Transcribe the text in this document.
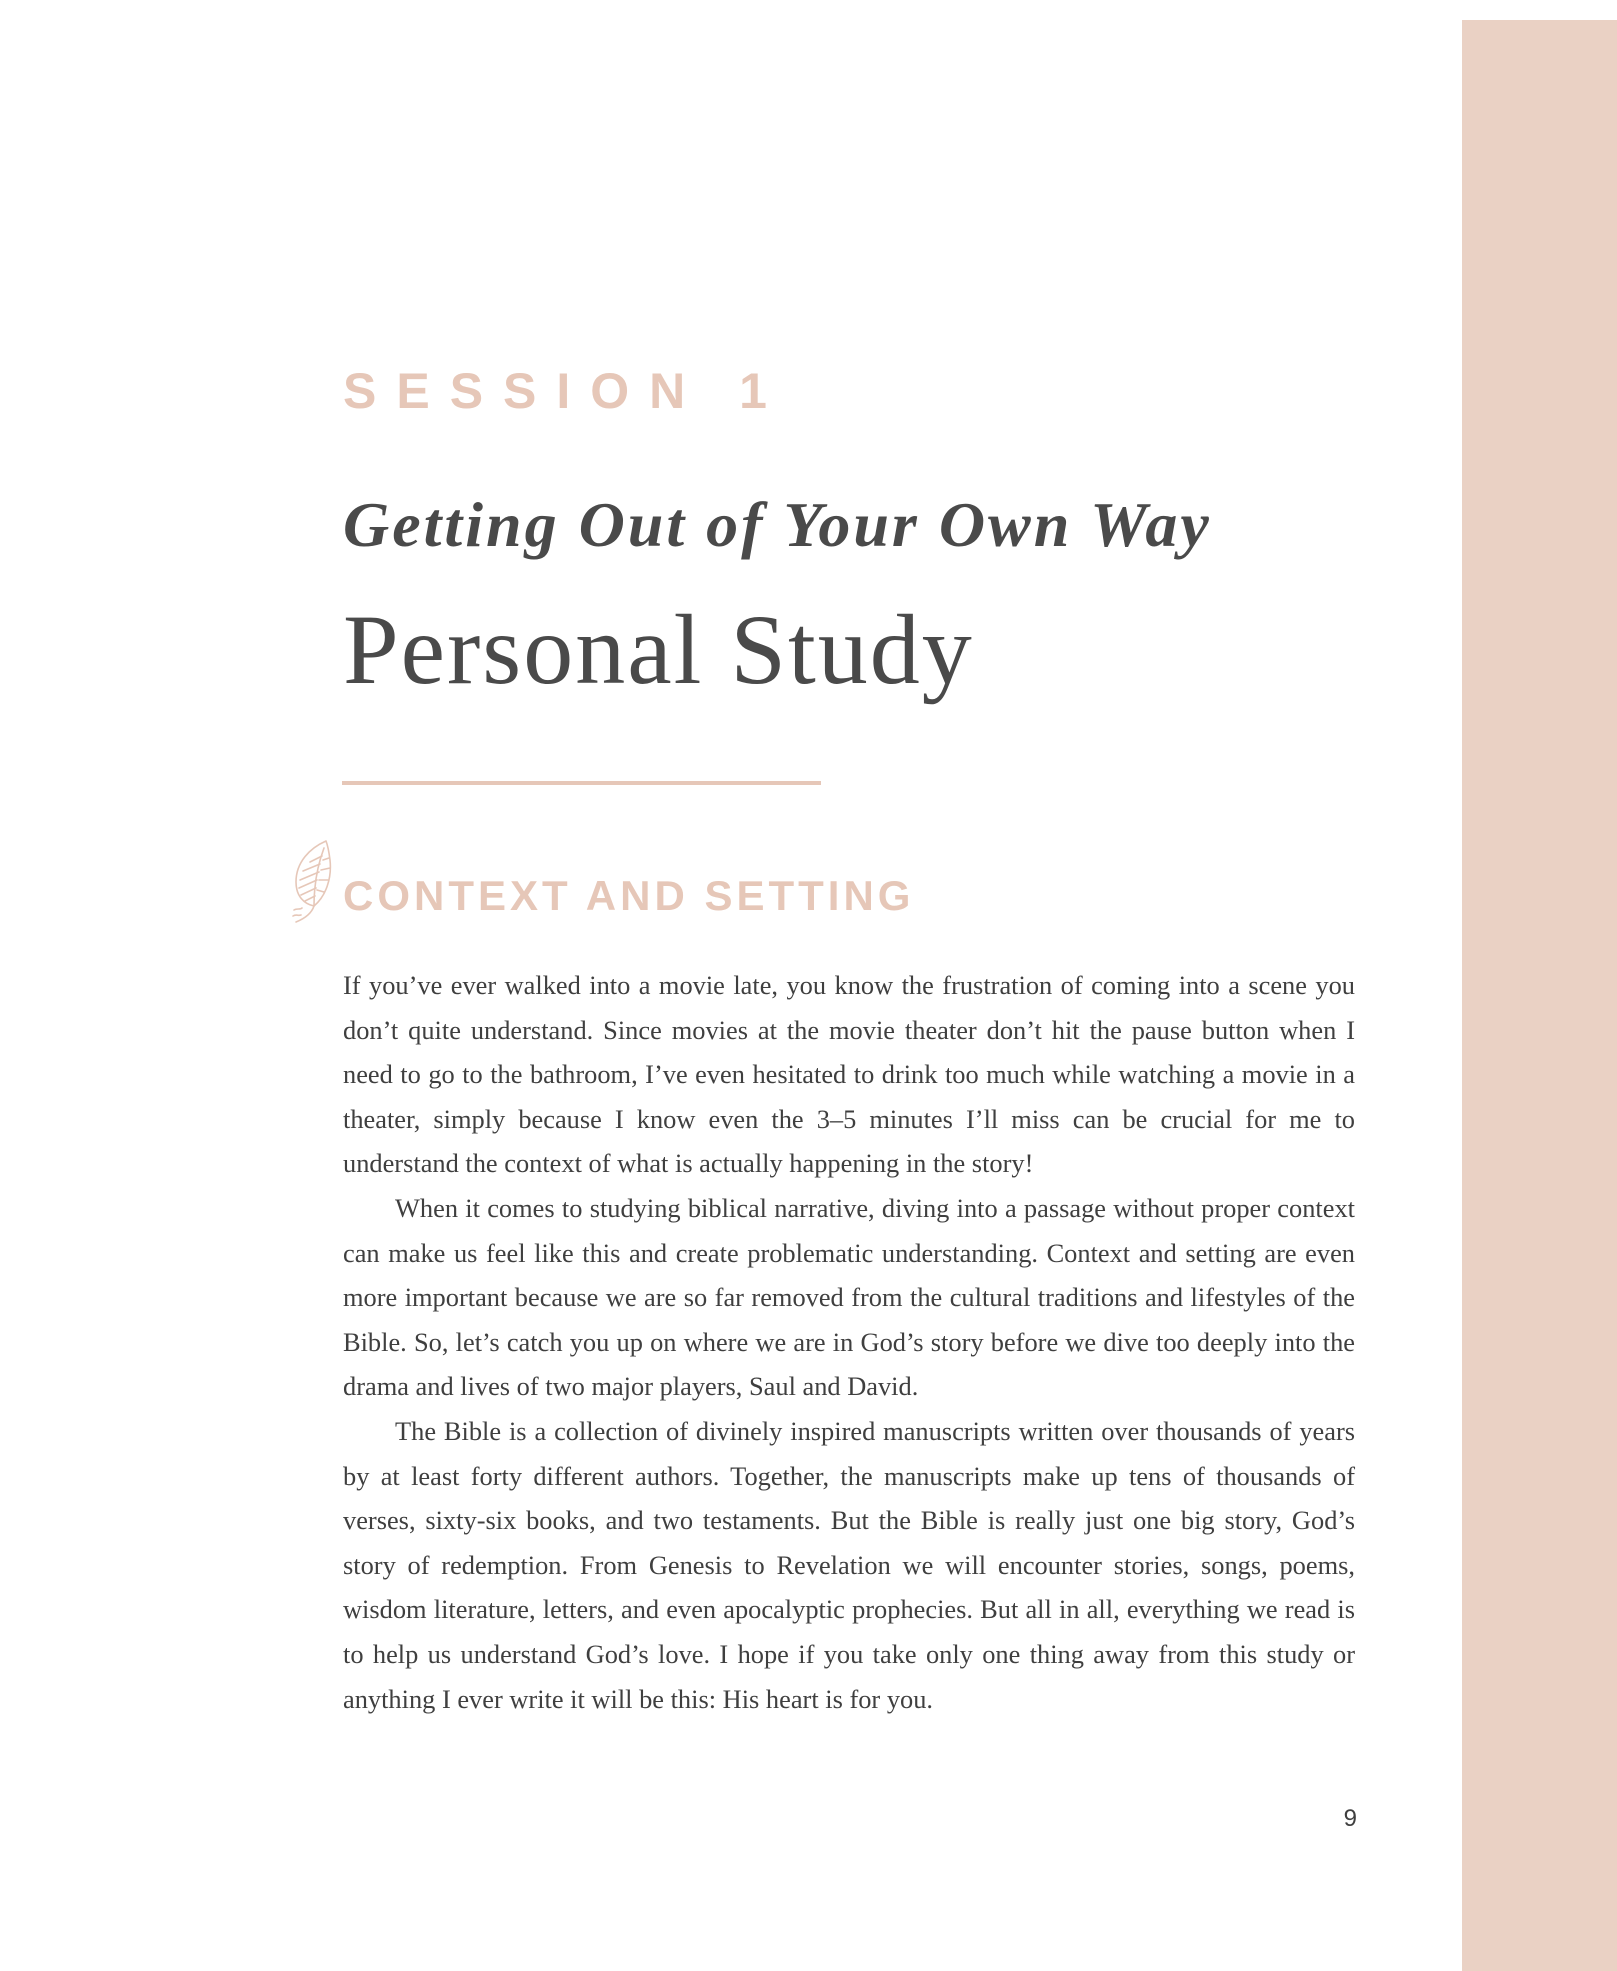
SESSION 1
Getting Out of Your Own Way
Personal Study
CONTEXT AND SETTING

If you’ve ever walked into a movie late, you know the frustration of coming into a scene you don’t quite understand. Since movies at the movie theater don’t hit the pause button when I need to go to the bathroom, I’ve even hesitated to drink too much while watching a movie in a theater, simply because I know even the 3–5 minutes I’ll miss can be crucial for me to understand the context of what is actually happening in the story!

When it comes to studying biblical narrative, diving into a passage without proper context can make us feel like this and create problematic understanding. Context and setting are even more important because we are so far removed from the cultural traditions and lifestyles of the Bible. So, let’s catch you up on where we are in God’s story before we dive too deeply into the drama and lives of two major players, Saul and David.

The Bible is a collection of divinely inspired manuscripts written over thousands of years by at least forty different authors. Together, the manuscripts make up tens of thousands of verses, sixty-six books, and two testaments. But the Bible is really just one big story, God’s story of redemption. From Genesis to Revelation we will encounter stories, songs, poems, wisdom literature, letters, and even apocalyptic prophecies. But all in all, everything we read is to help us understand God’s love. I hope if you take only one thing away from this study or anything I ever write it will be this: His heart is for you.

9
